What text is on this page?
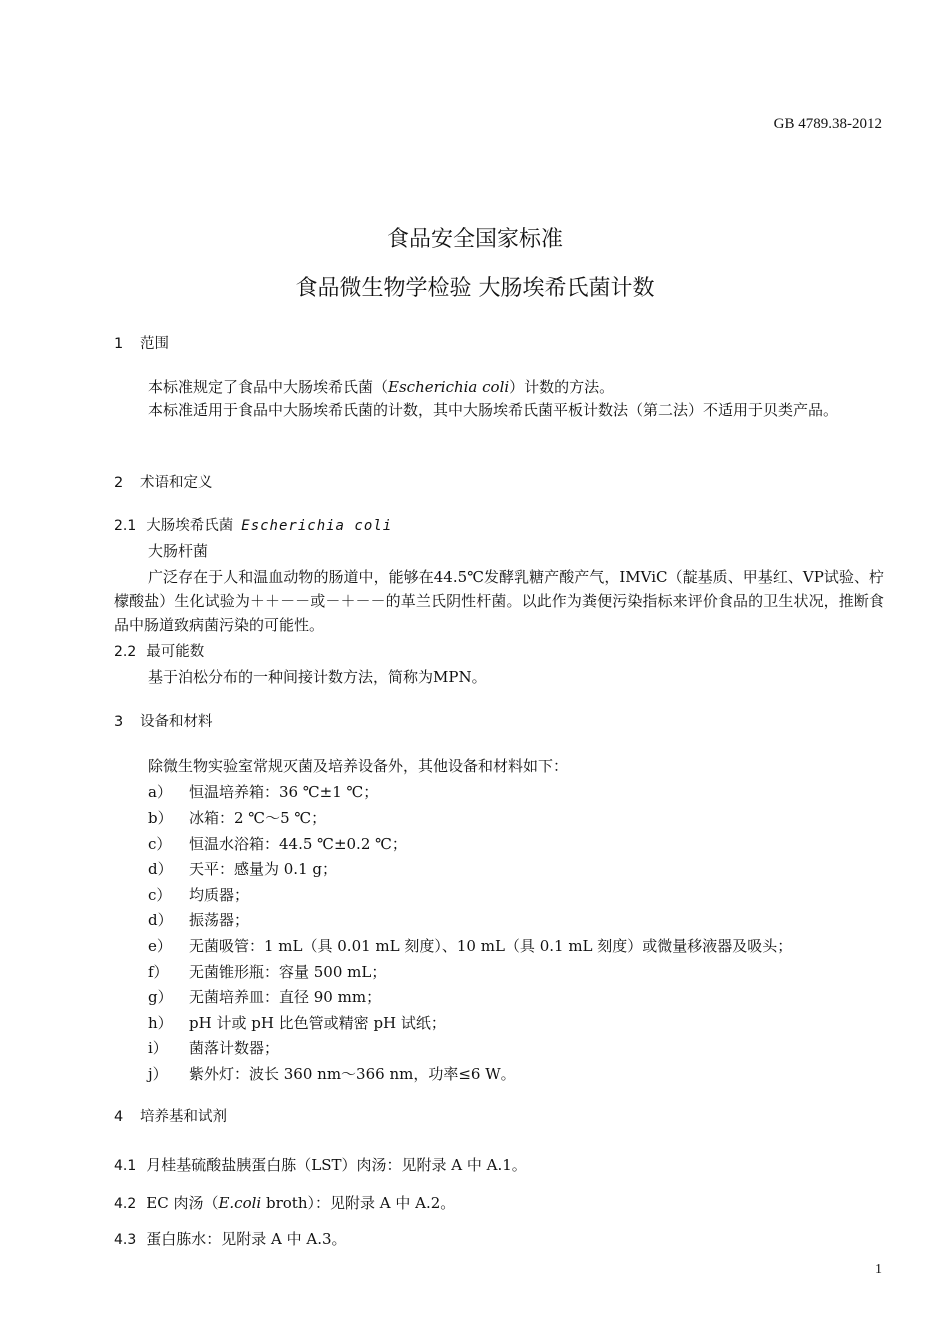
GB 4789.38-2012
食品安全国家标准
食品微生物学检验 大肠埃希氏菌计数
1 范围
本标准规定了食品中大肠埃希氏菌（Escherichia coli）计数的方法。
本标准适用于食品中大肠埃希氏菌的计数，其中大肠埃希氏菌平板计数法（第二法）不适用于贝类产品。
2 术语和定义
2.1 大肠埃希氏菌 Escherichia coli
大肠杆菌
广泛存在于人和温血动物的肠道中，能够在44.5℃发酵乳糖产酸产气，IMViC（靛基质、甲基红、VP试验、柠檬酸盐）生化试验为＋＋－－或－＋－－的革兰氏阴性杆菌。以此作为粪便污染指标来评价食品的卫生状况，推断食品中肠道致病菌污染的可能性。
2.2 最可能数
基于泊松分布的一种间接计数方法，简称为MPN。
3 设备和材料
除微生物实验室常规灭菌及培养设备外，其他设备和材料如下：
a） 恒温培养箱：36 ℃±1 ℃；
b） 冰箱：2 ℃～5 ℃；
c） 恒温水浴箱：44.5 ℃±0.2 ℃；
d） 天平：感量为 0.1 g；
c） 均质器；
d） 振荡器；
e） 无菌吸管：1 mL（具 0.01 mL 刻度）、10 mL（具 0.1 mL 刻度）或微量移液器及吸头；
f） 无菌锥形瓶：容量 500 mL；
g） 无菌培养皿：直径 90 mm；
h） pH 计或 pH 比色管或精密 pH 试纸；
i） 菌落计数器；
j） 紫外灯：波长 360 nm～366 nm，功率≤6 W。
4 培养基和试剂
4.1 月桂基硫酸盐胰蛋白胨（LST）肉汤：见附录 A 中 A.1。
4.2 EC 肉汤（E.coli broth）：见附录 A 中 A.2。
4.3 蛋白胨水：见附录 A 中 A.3。
1
